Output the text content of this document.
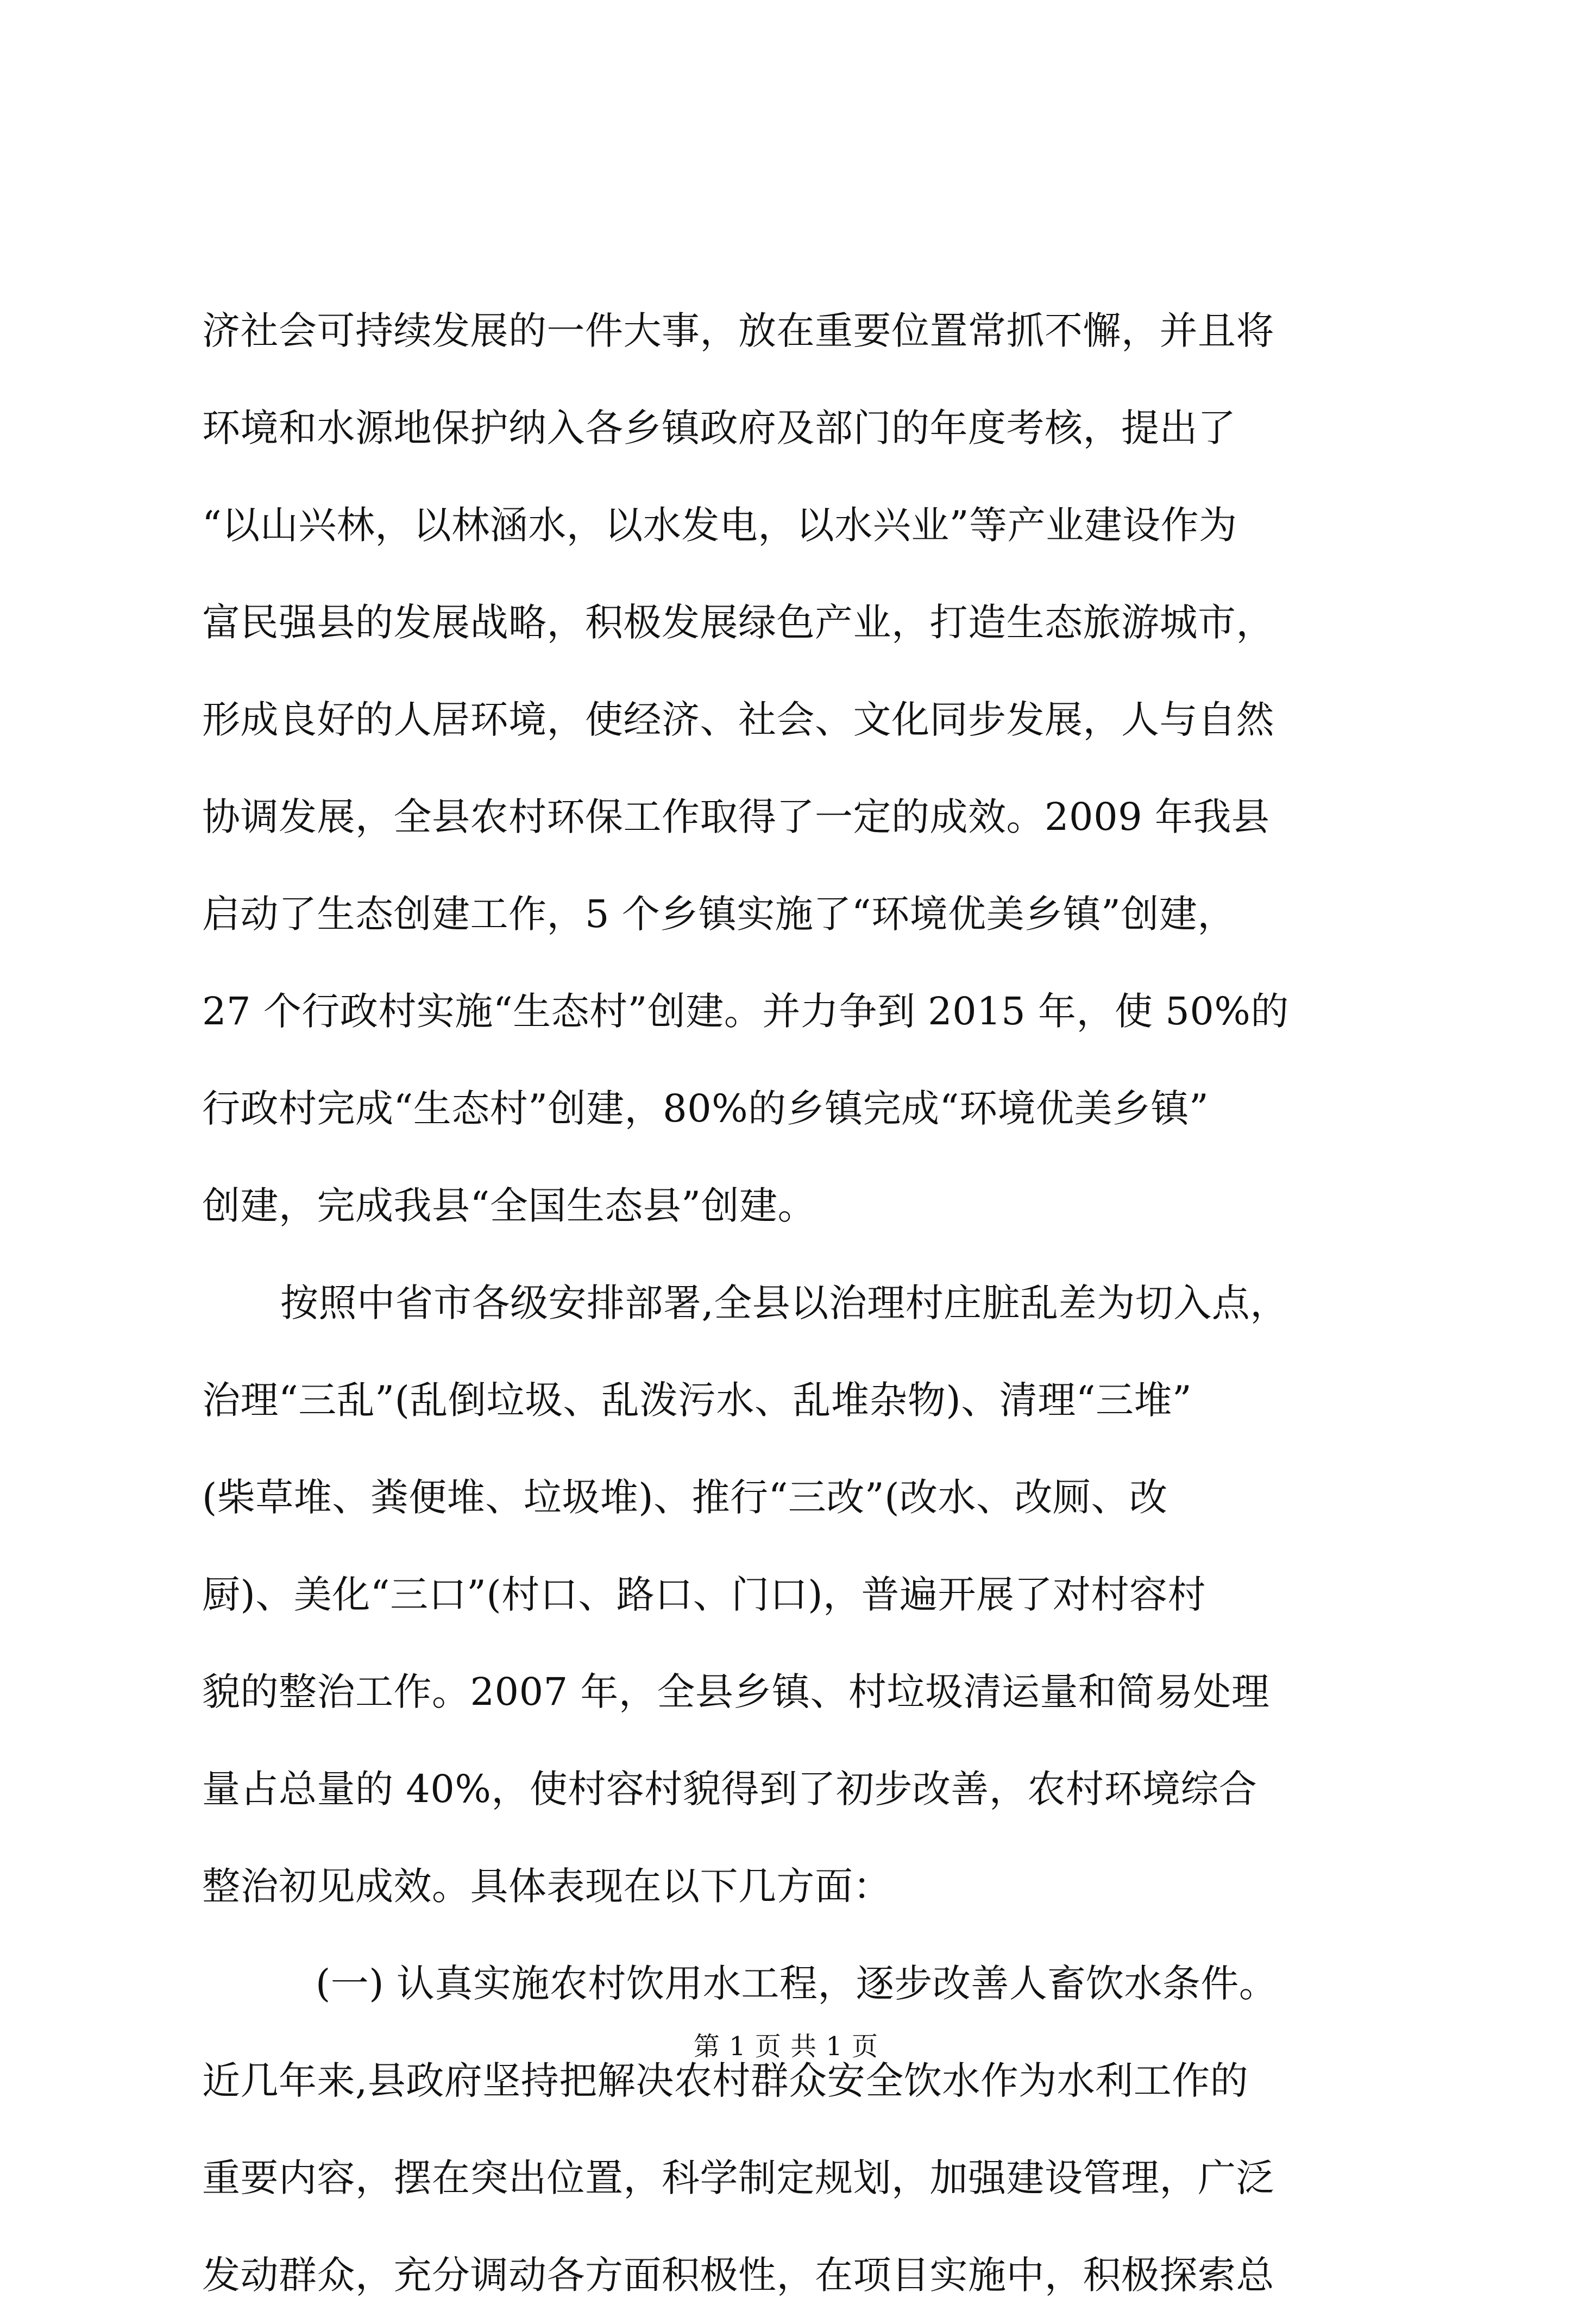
济社会可持续发展的一件大事，放在重要位置常抓不懈，并且将
环境和水源地保护纳入各乡镇政府及部门的年度考核，提出了
“以山兴林，以林涵水，以水发电，以水兴业”等产业建设作为
富民强县的发展战略，积极发展绿色产业，打造生态旅游城市，
形成良好的人居环境，使经济、社会、文化同步发展，人与自然
协调发展，全县农村环保工作取得了一定的成效。2009 年我县
启动了生态创建工作，5 个乡镇实施了“环境优美乡镇”创建，
27 个行政村实施“生态村”创建。并力争到 2015 年，使 50%的
行政村完成“生态村”创建，80%的乡镇完成“环境优美乡镇”
创建，完成我县“全国生态县”创建。
按照中省市各级安排部署,全县以治理村庄脏乱差为切入点，
治理“三乱”(乱倒垃圾、乱泼污水、乱堆杂物)、清理“三堆”
(柴草堆、粪便堆、垃圾堆)、推行“三改”(改水、改厕、改
厨)、美化“三口”(村口、路口、门口)，普遍开展了对村容村
貌的整治工作。2007 年，全县乡镇、村垃圾清运量和简易处理
量占总量的 40%，使村容村貌得到了初步改善，农村环境综合
整治初见成效。具体表现在以下几方面：
(一) 认真实施农村饮用水工程，逐步改善人畜饮水条件。
近几年来,县政府坚持把解决农村群众安全饮水作为水利工作的
重要内容，摆在突出位置，科学制定规划，加强建设管理，广泛
发动群众，充分调动各方面积极性，在项目实施中，积极探索总
第 1 页 共 1 页
